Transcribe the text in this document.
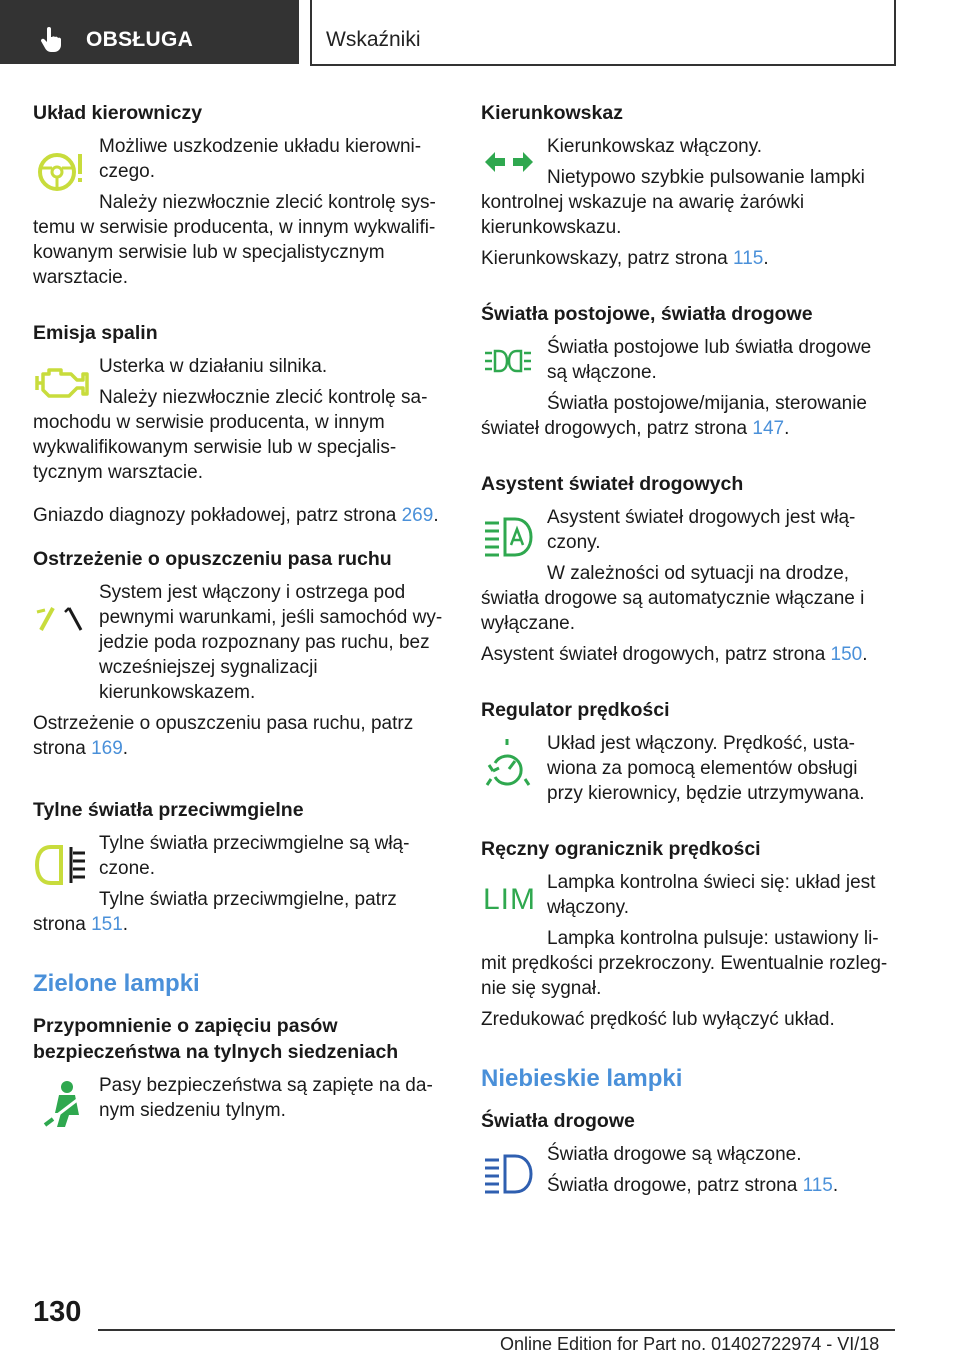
OBSŁUGA	Wskaźniki
Układ kierowniczy
Możliwe uszkodzenie układu kierowniczego.
Należy niezwłocznie zlecić kontrolę systemu w serwisie producenta, w innym wykwalifikowanym serwisie lub w specjalistycznym warsztacie.
Emisja spalin
Usterka w działaniu silnika.
Należy niezwłocznie zlecić kontrolę samochodu w serwisie producenta, w innym wykwalifikowanym serwisie lub w specjalistycznym warsztacie.
Gniazdo diagnozy pokładowej, patrz strona 269.
Ostrzeżenie o opuszczeniu pasa ruchu
System jest włączony i ostrzega pod pewnymi warunkami, jeśli samochód wyjedzie poda rozpoznany pas ruchu, bez wcześniejszej sygnalizacji kierunkowskazem.
Ostrzeżenie o opuszczeniu pasa ruchu, patrz strona 169.
Tylne światła przeciwmgielne
Tylne światła przeciwmgielne są włączone.
Tylne światła przeciwmgielne, patrz strona 151.
Zielone lampki
Przypomnienie o zapięciu pasów bezpieczeństwa na tylnych siedzeniach
Pasy bezpieczeństwa są zapięte na danym siedzeniu tylnym.
Kierunkowskaz
Kierunkowskaz włączony.
Nietypowo szybkie pulsowanie lampki kontrolnej wskazuje na awarię żarówki kierunkowskazu.
Kierunkowskazy, patrz strona 115.
Światła postojowe, światła drogowe
Światła postojowe lub światła drogowe są włączone.
Światła postojowe/mijania, sterowanie świateł drogowych, patrz strona 147.
Asystent świateł drogowych
Asystent świateł drogowych jest włączony.
W zależności od sytuacji na drodze, światła drogowe są automatycznie włączane i wyłączane.
Asystent świateł drogowych, patrz strona 150.
Regulator prędkości
Układ jest włączony. Prędkość, ustawiona za pomocą elementów obsługi przy kierownicy, będzie utrzymywana.
Ręczny ogranicznik prędkości
LIM
Lampka kontrolna świeci się: układ jest włączony.
Lampka kontrolna pulsuje: ustawiony limit prędkości przekroczony. Ewentualnie rozlegnie się sygnał.
Zredukować prędkość lub wyłączyć układ.
Niebieskie lampki
Światła drogowe
Światła drogowe są włączone.
Światła drogowe, patrz strona 115.
130
Online Edition for Part no. 01402722974 - VI/18
